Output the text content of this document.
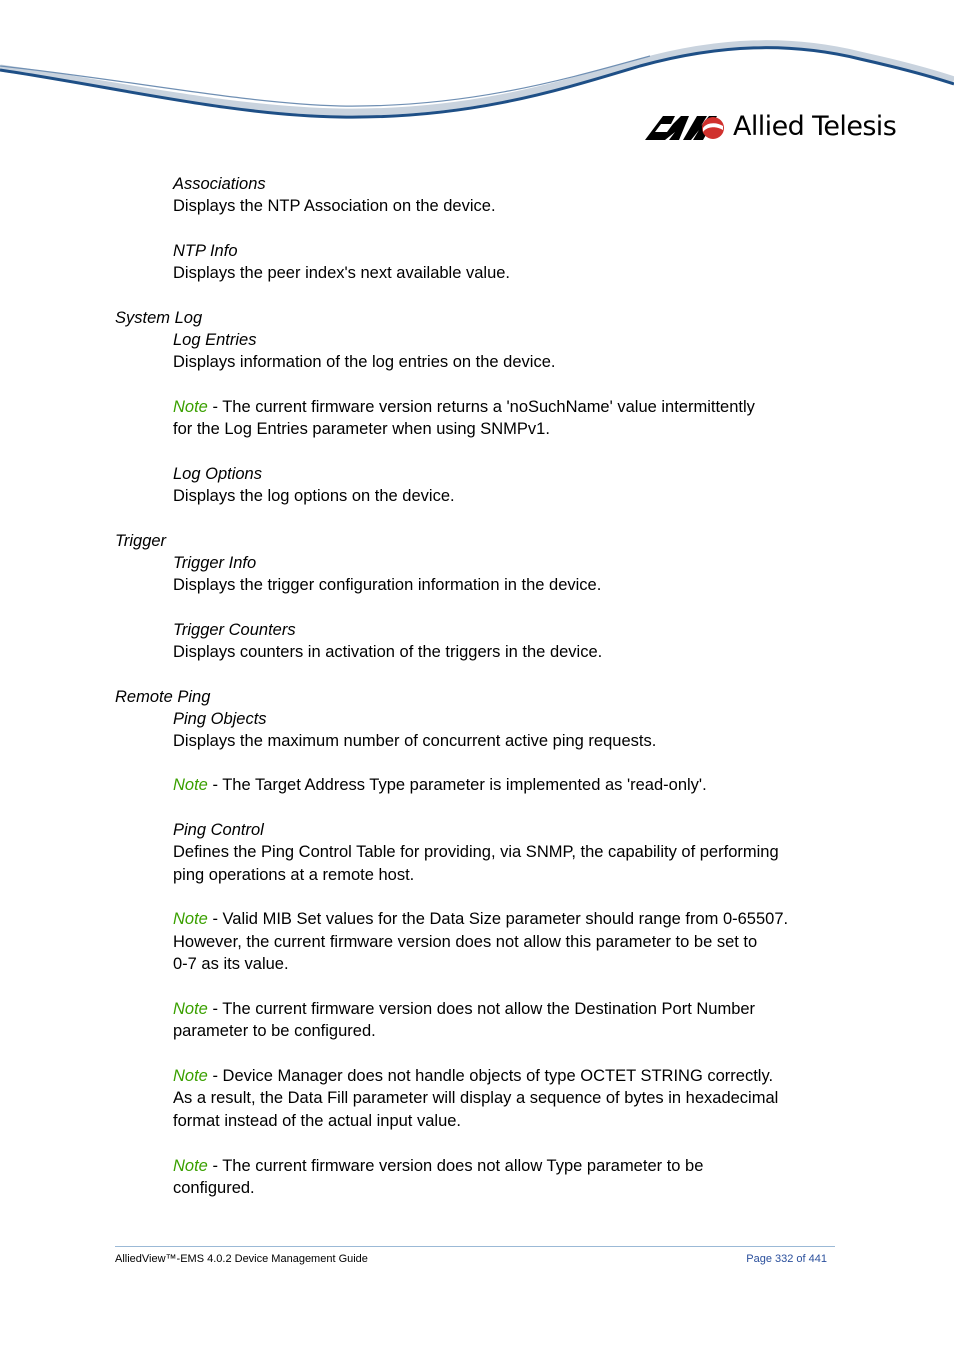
Allied Telesis
Associations
Displays the NTP Association on the device.
NTP Info
Displays the peer index's next available value.
System Log
Log Entries
Displays information of the log entries on the device.
Note - The current firmware version returns a 'noSuchName' value intermittently
for the Log Entries parameter when using SNMPv1.
Log Options
Displays the log options on the device.
Trigger
Trigger Info
Displays the trigger configuration information in the device.
Trigger Counters
Displays counters in activation of the triggers in the device.
Remote Ping
Ping Objects
Displays the maximum number of concurrent active ping requests.
Note - The Target Address Type parameter is implemented as 'read-only'.
Ping Control
Defines the Ping Control Table for providing, via SNMP, the capability of performing
ping operations at a remote host.
Note - Valid MIB Set values for the Data Size parameter should range from 0-65507.
However, the current firmware version does not allow this parameter to be set to
0-7 as its value.
Note - The current firmware version does not allow the Destination Port Number
parameter to be configured.
Note - Device Manager does not handle objects of type OCTET STRING correctly.
As a result, the Data Fill parameter will display a sequence of bytes in hexadecimal
format instead of the actual input value.
Note - The current firmware version does not allow Type parameter to be
configured.
AlliedView™-EMS 4.0.2 Device Management Guide	Page 332 of 441
